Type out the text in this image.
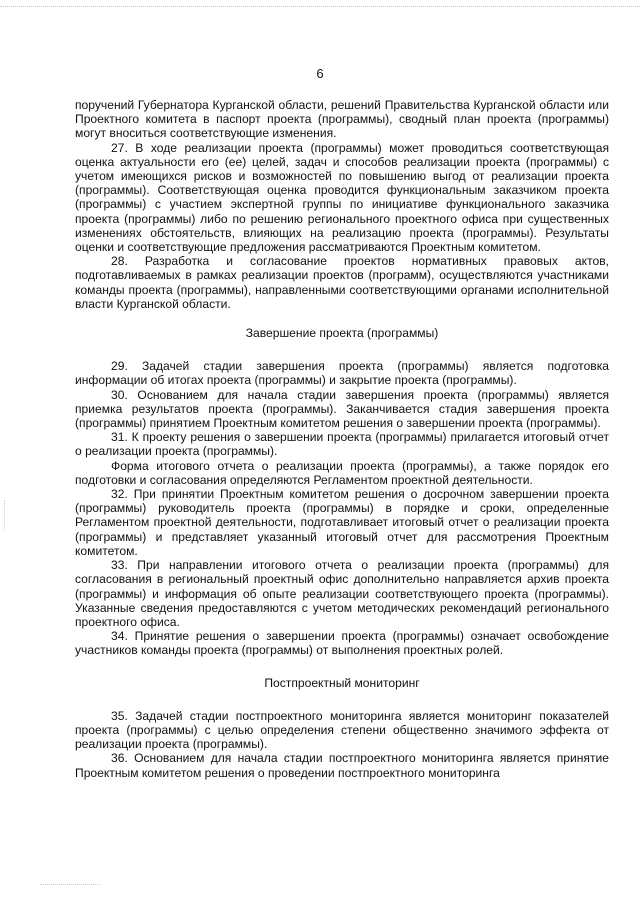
6

поручений Губернатора Курганской области, решений Правительства Курганской области или Проектного комитета в паспорт проекта (программы), сводный план проекта (программы) могут вноситься соответствующие изменения.

27. В ходе реализации проекта (программы) может проводиться соответствующая оценка актуальности его (ее) целей, задач и способов реализации проекта (программы) с учетом имеющихся рисков и возможностей по повышению выгод от реализации проекта (программы). Соответствующая оценка проводится функциональным заказчиком проекта (программы) с участием экспертной группы по инициативе функционального заказчика проекта (программы) либо по решению регионального проектного офиса при существенных изменениях обстоятельств, влияющих на реализацию проекта (программы). Результаты оценки и соответствующие предложения рассматриваются Проектным комитетом.

28. Разработка и согласование проектов нормативных правовых актов, подготавливаемых в рамках реализации проектов (программ), осуществляются участниками команды проекта (программы), направленными соответствующими органами исполнительной власти Курганской области.

Завершение проекта (программы)

29. Задачей стадии завершения проекта (программы) является подготовка информации об итогах проекта (программы) и закрытие проекта (программы).

30. Основанием для начала стадии завершения проекта (программы) является приемка результатов проекта (программы). Заканчивается стадия завершения проекта (программы) принятием Проектным комитетом решения о завершении проекта (программы).

31. К проекту решения о завершении проекта (программы) прилагается итоговый отчет о реализации проекта (программы).

Форма итогового отчета о реализации проекта (программы), а также порядок его подготовки и согласования определяются Регламентом проектной деятельности.

32. При принятии Проектным комитетом решения о досрочном завершении проекта (программы) руководитель проекта (программы) в порядке и сроки, определенные Регламентом проектной деятельности, подготавливает итоговый отчет о реализации проекта (программы) и представляет указанный итоговый отчет для рассмотрения Проектным комитетом.

33. При направлении итогового отчета о реализации проекта (программы) для согласования в региональный проектный офис дополнительно направляется архив проекта (программы) и информация об опыте реализации соответствующего проекта (программы). Указанные сведения предоставляются с учетом методических рекомендаций регионального проектного офиса.

34. Принятие решения о завершении проекта (программы) означает освобождение участников команды проекта (программы) от выполнения проектных ролей.

Постпроектный мониторинг

35. Задачей стадии постпроектного мониторинга является мониторинг показателей проекта (программы) с целью определения степени общественно значимого эффекта от реализации проекта (программы).

36. Основанием для начала стадии постпроектного мониторинга является принятие Проектным комитетом решения о проведении постпроектного мониторинга
